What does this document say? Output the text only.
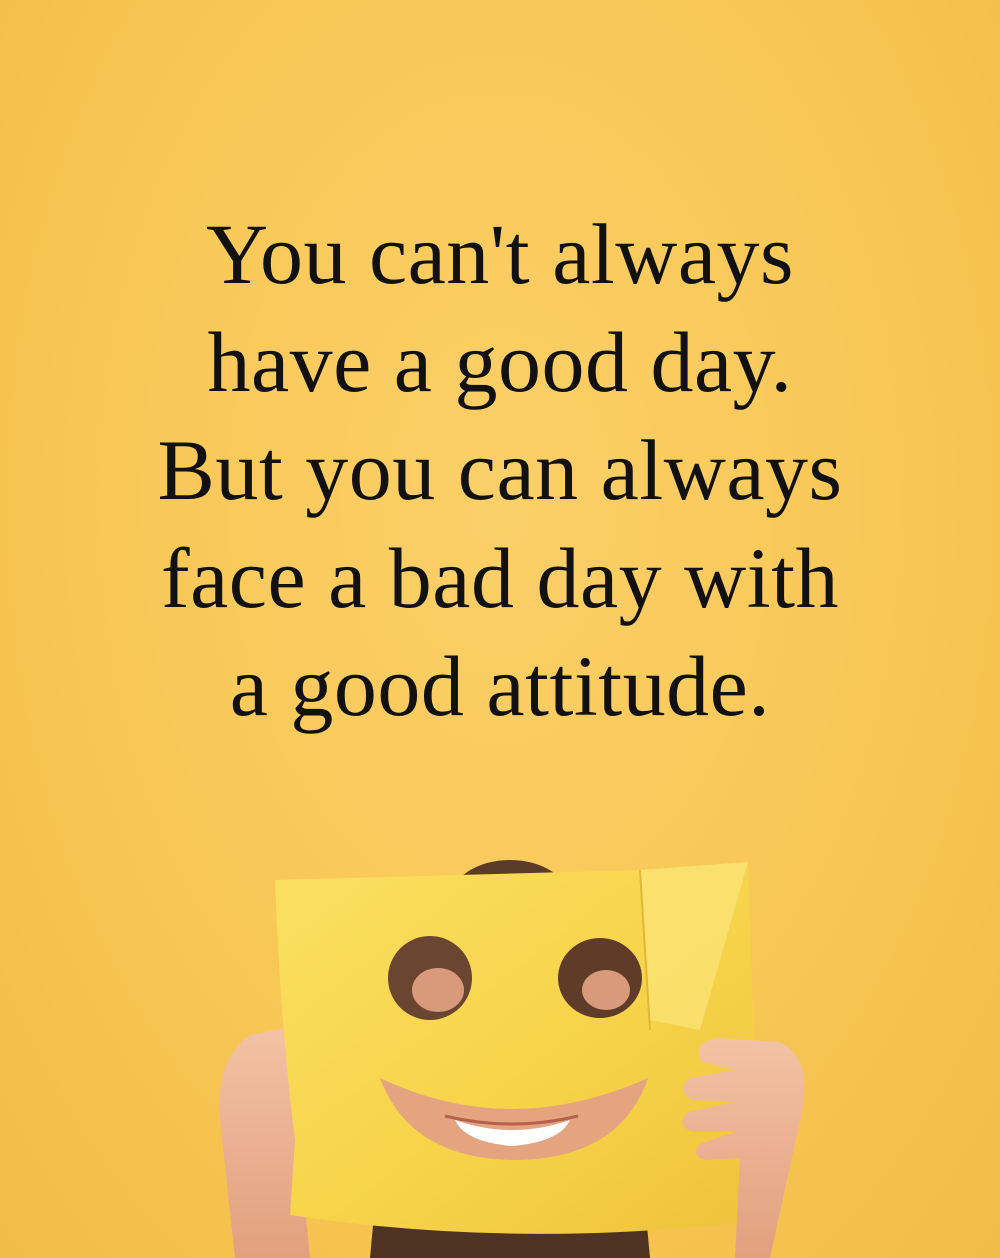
You can't always
have a good day.
But you can always
face a bad day with
a good attitude.
